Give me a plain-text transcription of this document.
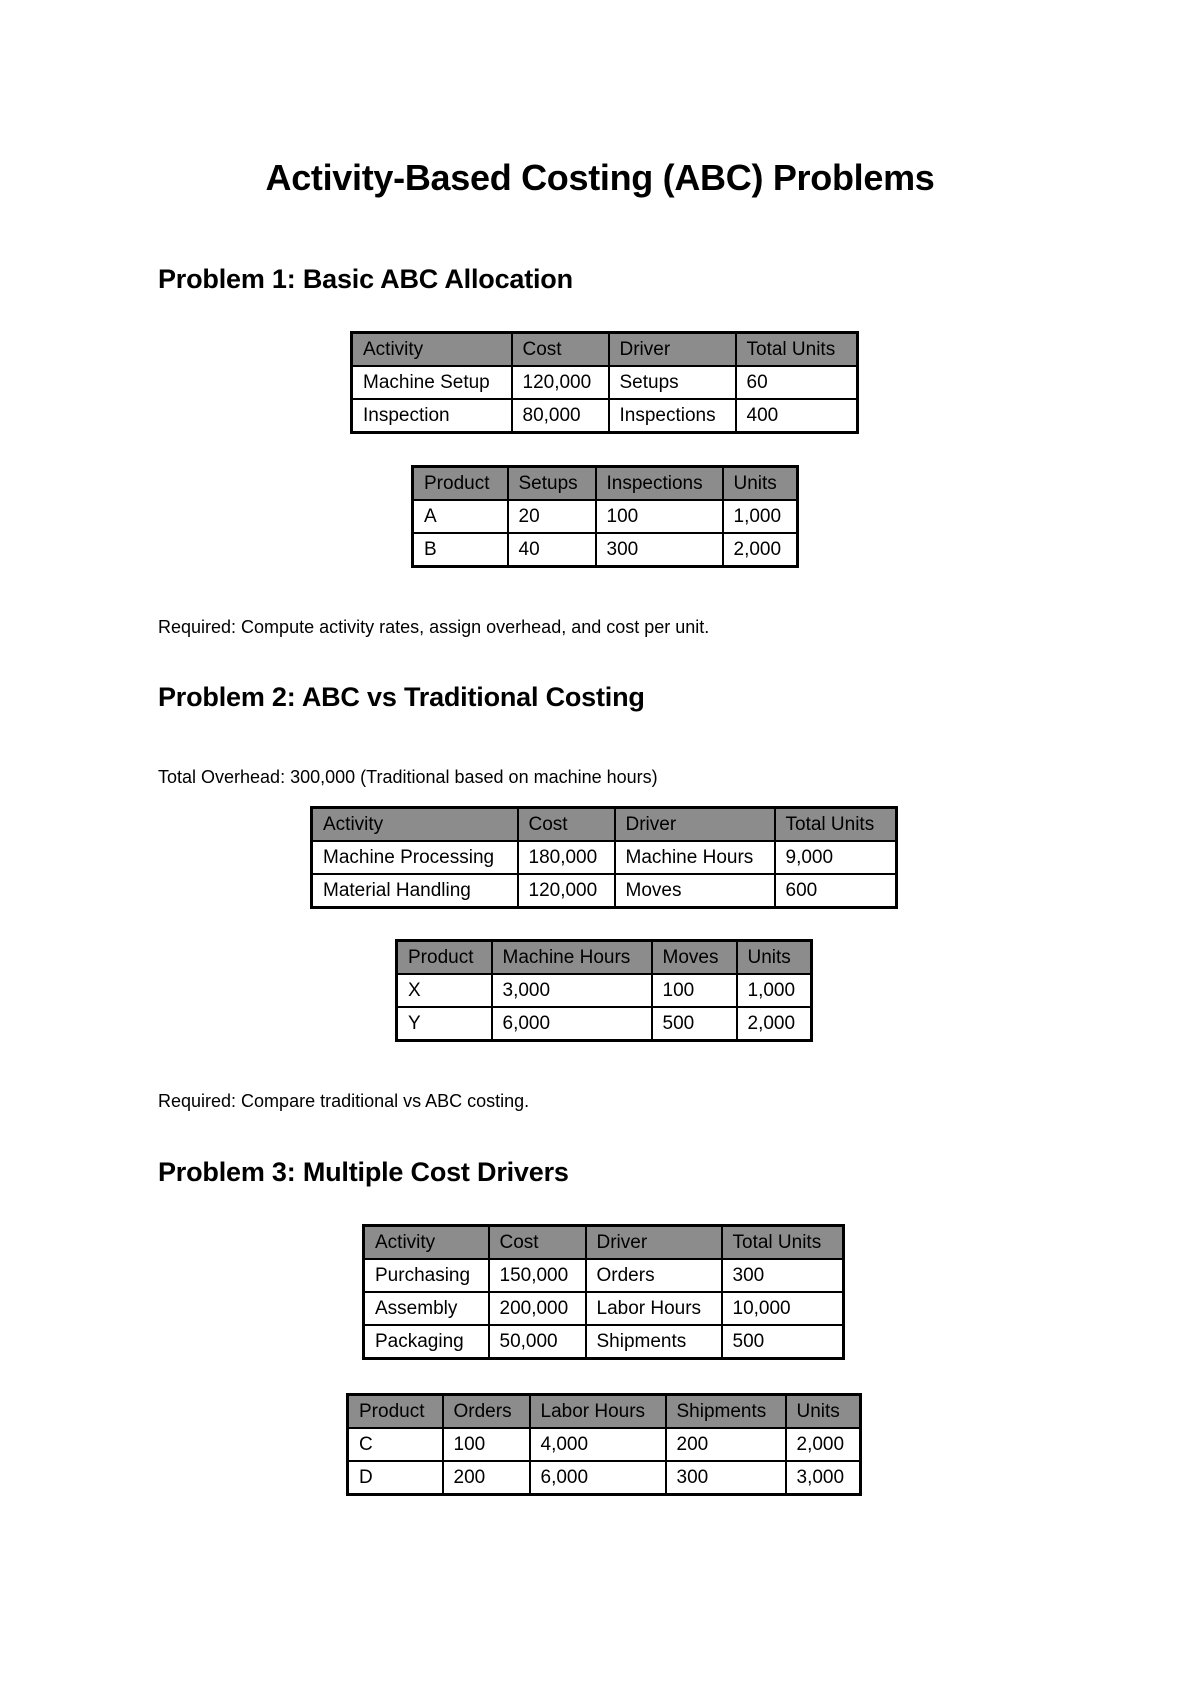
Activity-Based Costing (ABC) Problems
Problem 1: Basic ABC Allocation
Activity	Cost	Driver	Total Units
Machine Setup	120,000	Setups	60
Inspection	80,000	Inspections	400
Product	Setups	Inspections	Units
A	20	100	1,000
B	40	300	2,000

Required: Compute activity rates, assign overhead, and cost per unit.

Problem 2: ABC vs Traditional Costing

Total Overhead: 300,000 (Traditional based on machine hours)

Activity	Cost	Driver	Total Units
Machine Processing	180,000	Machine Hours	9,000
Material Handling	120,000	Moves	600
Product	Machine Hours	Moves	Units
X	3,000	100	1,000
Y	6,000	500	2,000

Required: Compare traditional vs ABC costing.

Problem 3: Multiple Cost Drivers
Activity	Cost	Driver	Total Units
Purchasing	150,000	Orders	300
Assembly	200,000	Labor Hours	10,000
Packaging	50,000	Shipments	500
Product	Orders	Labor Hours	Shipments	Units
C	100	4,000	200	2,000
D	200	6,000	300	3,000
